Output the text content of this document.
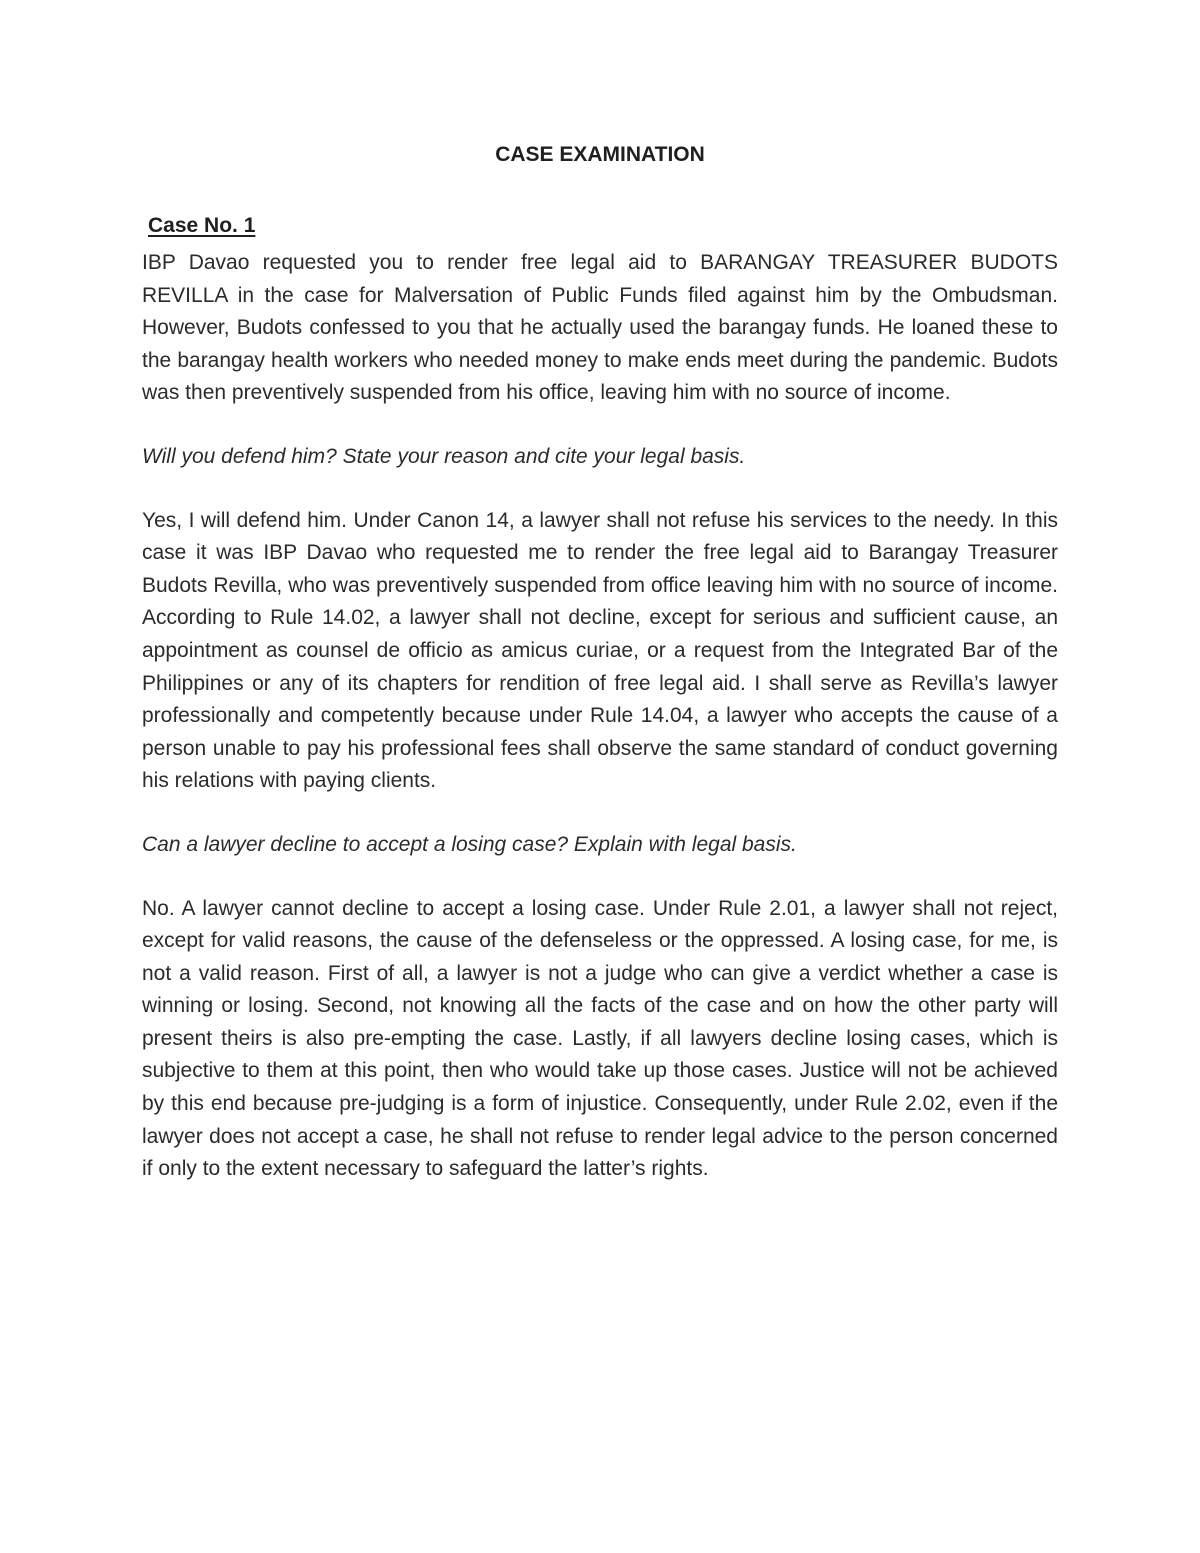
CASE EXAMINATION
Case No. 1

IBP Davao requested you to render free legal aid to BARANGAY TREASURER BUDOTS REVILLA in the case for Malversation of Public Funds filed against him by the Ombudsman. However, Budots confessed to you that he actually used the barangay funds. He loaned these to the barangay health workers who needed money to make ends meet during the pandemic. Budots was then preventively suspended from his office, leaving him with no source of income.

Will you defend him? State your reason and cite your legal basis.

Yes, I will defend him. Under Canon 14, a lawyer shall not refuse his services to the needy. In this case it was IBP Davao who requested me to render the free legal aid to Barangay Treasurer Budots Revilla, who was preventively suspended from office leaving him with no source of income. According to Rule 14.02, a lawyer shall not decline, except for serious and sufficient cause, an appointment as counsel de officio as amicus curiae, or a request from the Integrated Bar of the Philippines or any of its chapters for rendition of free legal aid. I shall serve as Revilla’s lawyer professionally and competently because under Rule 14.04, a lawyer who accepts the cause of a person unable to pay his professional fees shall observe the same standard of conduct governing his relations with paying clients.

Can a lawyer decline to accept a losing case? Explain with legal basis.

No. A lawyer cannot decline to accept a losing case. Under Rule 2.01, a lawyer shall not reject, except for valid reasons, the cause of the defenseless or the oppressed. A losing case, for me, is not a valid reason. First of all, a lawyer is not a judge who can give a verdict whether a case is winning or losing. Second, not knowing all the facts of the case and on how the other party will present theirs is also pre-empting the case. Lastly, if all lawyers decline losing cases, which is subjective to them at this point, then who would take up those cases. Justice will not be achieved by this end because pre-judging is a form of injustice. Consequently, under Rule 2.02, even if the lawyer does not accept a case, he shall not refuse to render legal advice to the person concerned if only to the extent necessary to safeguard the latter’s rights.
